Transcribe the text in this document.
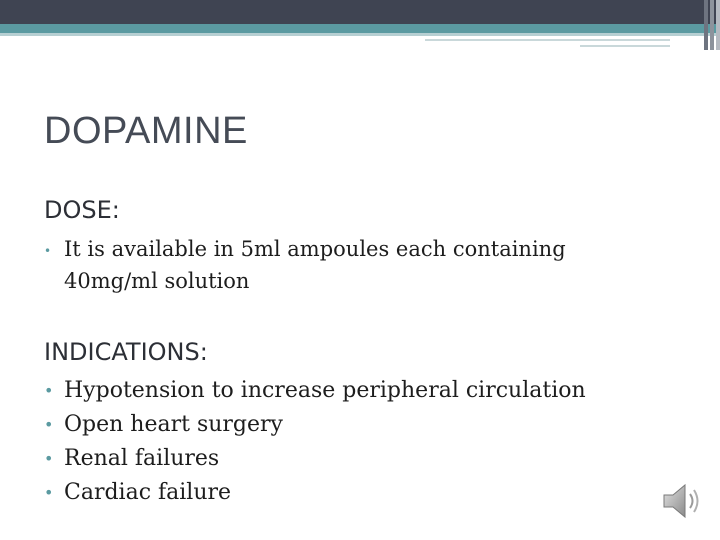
DOPAMINE
DOSE:
• It is available in 5ml ampoules each containing 40mg/ml solution
INDICATIONS:
• Hypotension to increase peripheral circulation
• Open heart surgery
• Renal failures
• Cardiac failure
